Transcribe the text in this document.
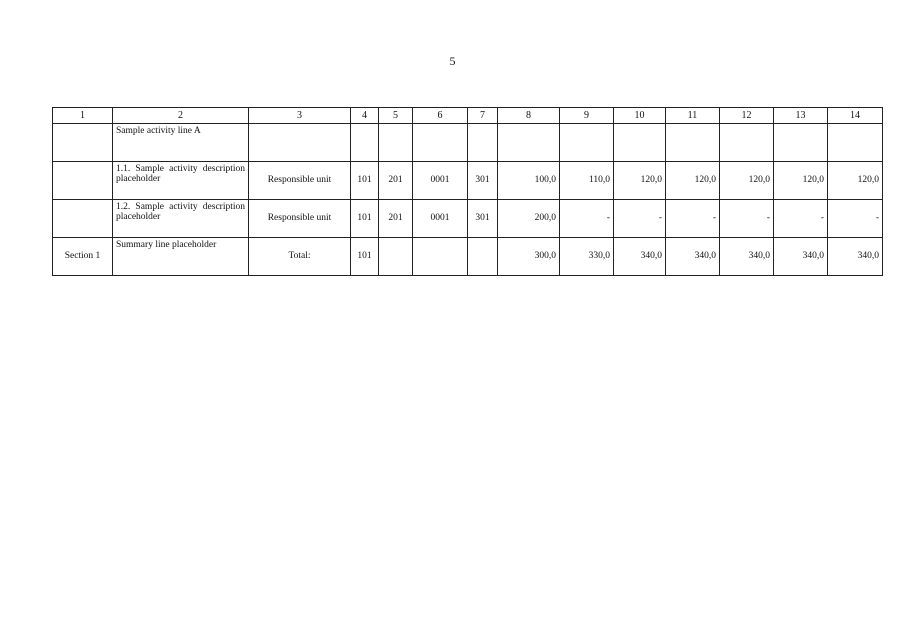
5
1	2	3	4	5	6	7	8	9	10	11	12	13	14
	Sample activity line A												
	1.1. Sample activity description placeholder	Responsible unit	101	201	0001	301	100,0	110,0	120,0	120,0	120,0	120,0	120,0
	1.2. Sample activity description placeholder	Responsible unit	101	201	0001	301	200,0	-	-	-	-	-	-
Section 1	Summary line placeholder	Total:	101				300,0	330,0	340,0	340,0	340,0	340,0	340,0
